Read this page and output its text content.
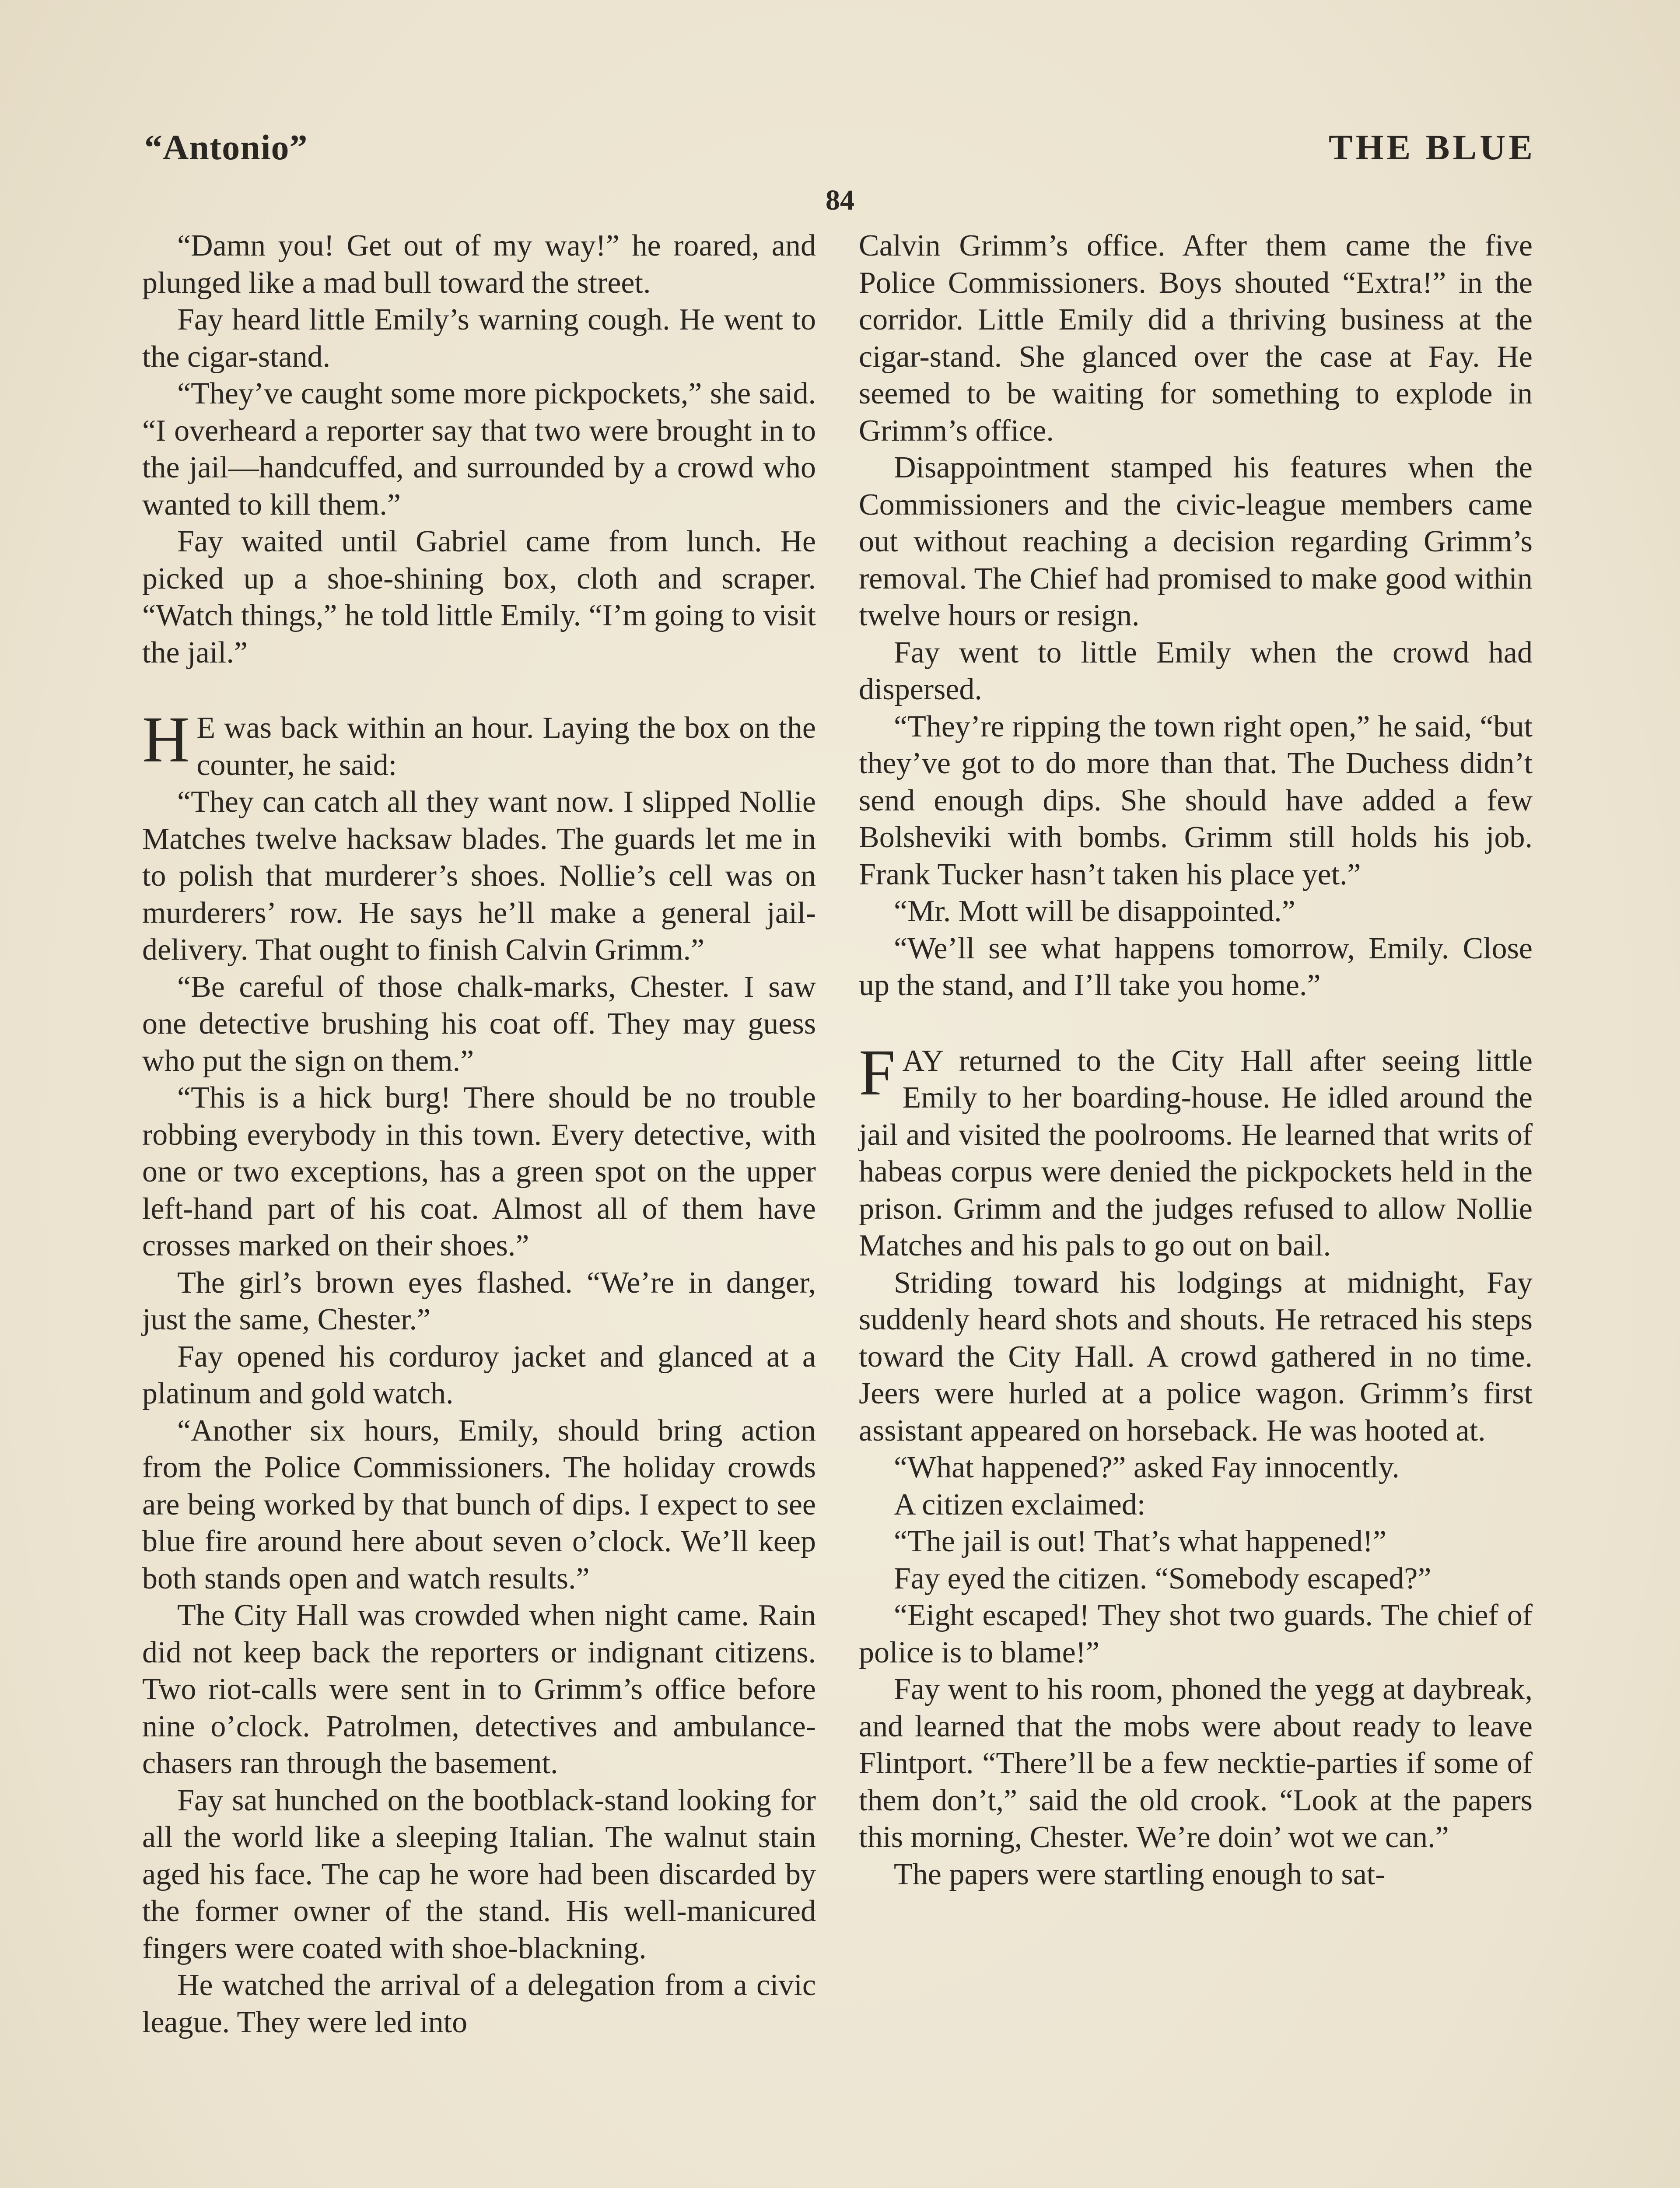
“Antonio”	THE BLUE
84

“Damn you! Get out of my way!” he roared, and plunged like a mad bull toward the street.

Fay heard little Emily’s warning cough. He went to the cigar-stand.

“They’ve caught some more pickpockets,” she said. “I overheard a reporter say that two were brought in to the jail—handcuffed, and surrounded by a crowd who wanted to kill them.”

Fay waited until Gabriel came from lunch. He picked up a shoe-shining box, cloth and scraper. “Watch things,” he told little Emily. “I’m going to visit the jail.”

HE was back within an hour. Laying the box on the counter, he said:

“They can catch all they want now. I slipped Nollie Matches twelve hacksaw blades. The guards let me in to polish that murderer’s shoes. Nollie’s cell was on murderers’ row. He says he’ll make a general jail-delivery. That ought to finish Calvin Grimm.”

“Be careful of those chalk-marks, Chester. I saw one detective brushing his coat off. They may guess who put the sign on them.”

“This is a hick burg! There should be no trouble robbing everybody in this town. Every detective, with one or two exceptions, has a green spot on the upper left-hand part of his coat. Almost all of them have crosses marked on their shoes.”

The girl’s brown eyes flashed. “We’re in danger, just the same, Chester.”

Fay opened his corduroy jacket and glanced at a platinum and gold watch.

“Another six hours, Emily, should bring action from the Police Commissioners. The holiday crowds are being worked by that bunch of dips. I expect to see blue fire around here about seven o’clock. We’ll keep both stands open and watch results.”

The City Hall was crowded when night came. Rain did not keep back the reporters or indignant citizens. Two riot-calls were sent in to Grimm’s office before nine o’clock. Patrolmen, detectives and ambulance-chasers ran through the basement.

Fay sat hunched on the bootblack-stand looking for all the world like a sleeping Italian. The walnut stain aged his face. The cap he wore had been discarded by the former owner of the stand. His well-manicured fingers were coated with shoe-blackning.

He watched the arrival of a delegation from a civic league. They were led into

Calvin Grimm’s office. After them came the five Police Commissioners. Boys shouted “Extra!” in the corridor. Little Emily did a thriving business at the cigar-stand. She glanced over the case at Fay. He seemed to be waiting for something to explode in Grimm’s office.

Disappointment stamped his features when the Commissioners and the civic-league members came out without reaching a decision regarding Grimm’s removal. The Chief had promised to make good within twelve hours or resign.

Fay went to little Emily when the crowd had dispersed.

“They’re ripping the town right open,” he said, “but they’ve got to do more than that. The Duchess didn’t send enough dips. She should have added a few Bolsheviki with bombs. Grimm still holds his job. Frank Tucker hasn’t taken his place yet.”

“Mr. Mott will be disappointed.”

“We’ll see what happens tomorrow, Emily. Close up the stand, and I’ll take you home.”

FAY returned to the City Hall after seeing little Emily to her boarding-house. He idled around the jail and visited the poolrooms. He learned that writs of habeas corpus were denied the pickpockets held in the prison. Grimm and the judges refused to allow Nollie Matches and his pals to go out on bail.

Striding toward his lodgings at midnight, Fay suddenly heard shots and shouts. He retraced his steps toward the City Hall. A crowd gathered in no time. Jeers were hurled at a police wagon. Grimm’s first assistant appeared on horseback. He was hooted at.

“What happened?” asked Fay innocently.

A citizen exclaimed:

“The jail is out! That’s what happened!”

Fay eyed the citizen. “Somebody escaped?”

“Eight escaped! They shot two guards. The chief of police is to blame!”

Fay went to his room, phoned the yegg at daybreak, and learned that the mobs were about ready to leave Flintport. “There’ll be a few necktie-parties if some of them don’t,” said the old crook. “Look at the papers this morning, Chester. We’re doin’ wot we can.”

The papers were startling enough to sat-
